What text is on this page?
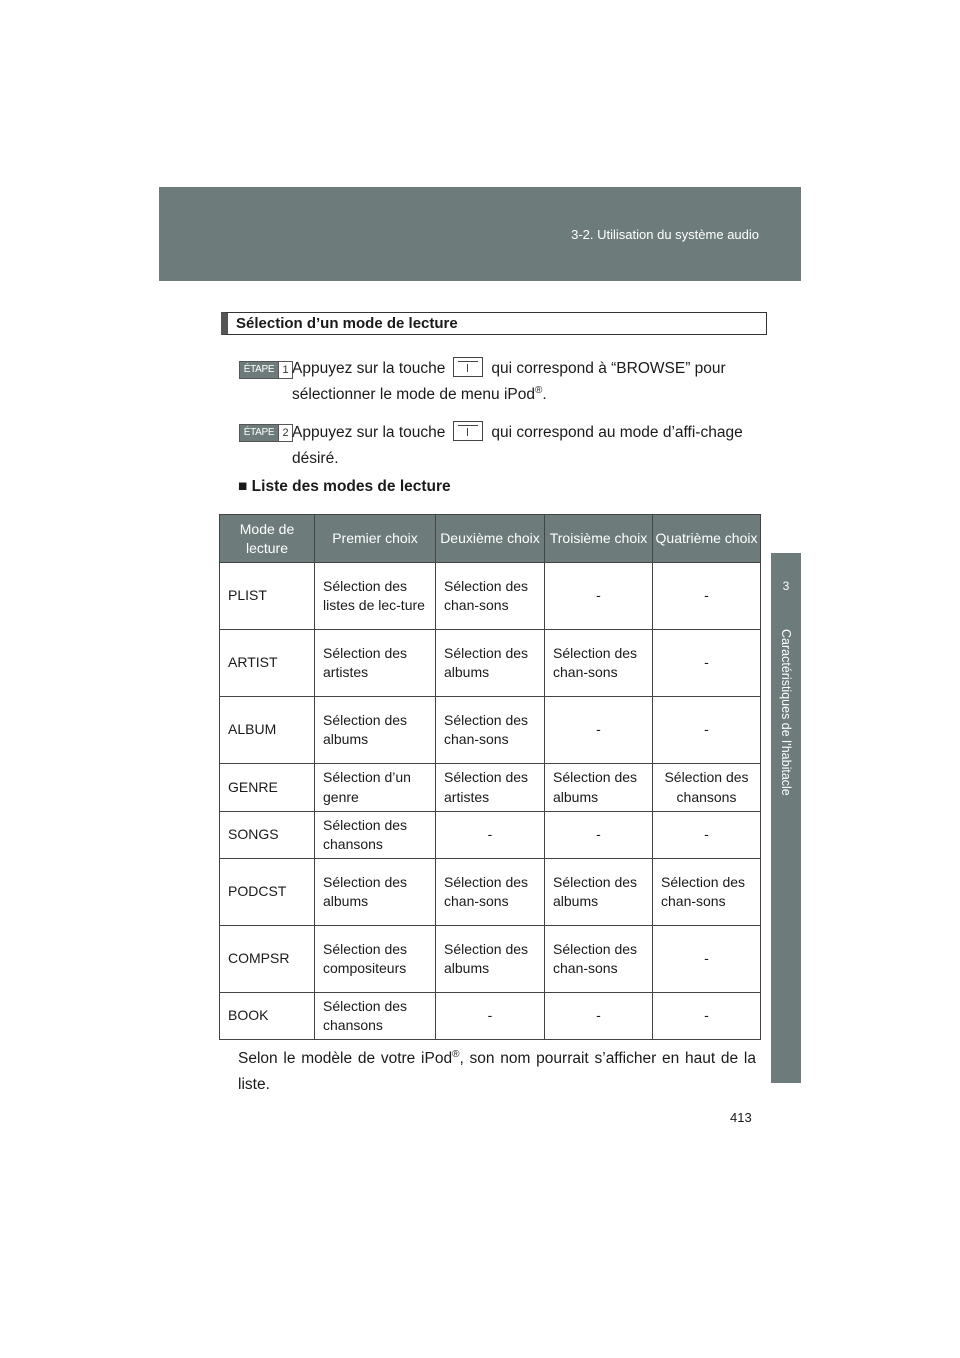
3-2. Utilisation du système audio
3
Caractéristiques de l’habitacle
Sélection d’un mode de lecture
ÉTAPE 1 Appuyez sur la touche	qui correspond à “BROWSE” pour sélectionner le mode de menu iPod®.
ÉTAPE 2 Appuyez sur la touche	qui correspond au mode d’affi-chage désiré.
■ Liste des modes de lecture
Mode de lecture	Premier choix	Deuxième choix	Troisième choix	Quatrième choix
PLIST	Sélection des listes de lec-ture	Sélection des chan-sons	-	-
ARTIST	Sélection des artistes	Sélection des albums	Sélection des chan-sons	-
ALBUM	Sélection des albums	Sélection des chan-sons	-	-
GENRE	Sélection d’un genre	Sélection des artistes	Sélection des albums	Sélection des chansons
SONGS	Sélection des chansons	-	-	-
PODCST	Sélection des albums	Sélection des chan-sons	Sélection des albums	Sélection des chan-sons
COMPSR	Sélection des compositeurs	Sélection des albums	Sélection des chan-sons	-
BOOK	Sélection des chansons	-	-	-
Selon le modèle de votre iPod®, son nom pourrait s’afficher en haut de la liste.
413
